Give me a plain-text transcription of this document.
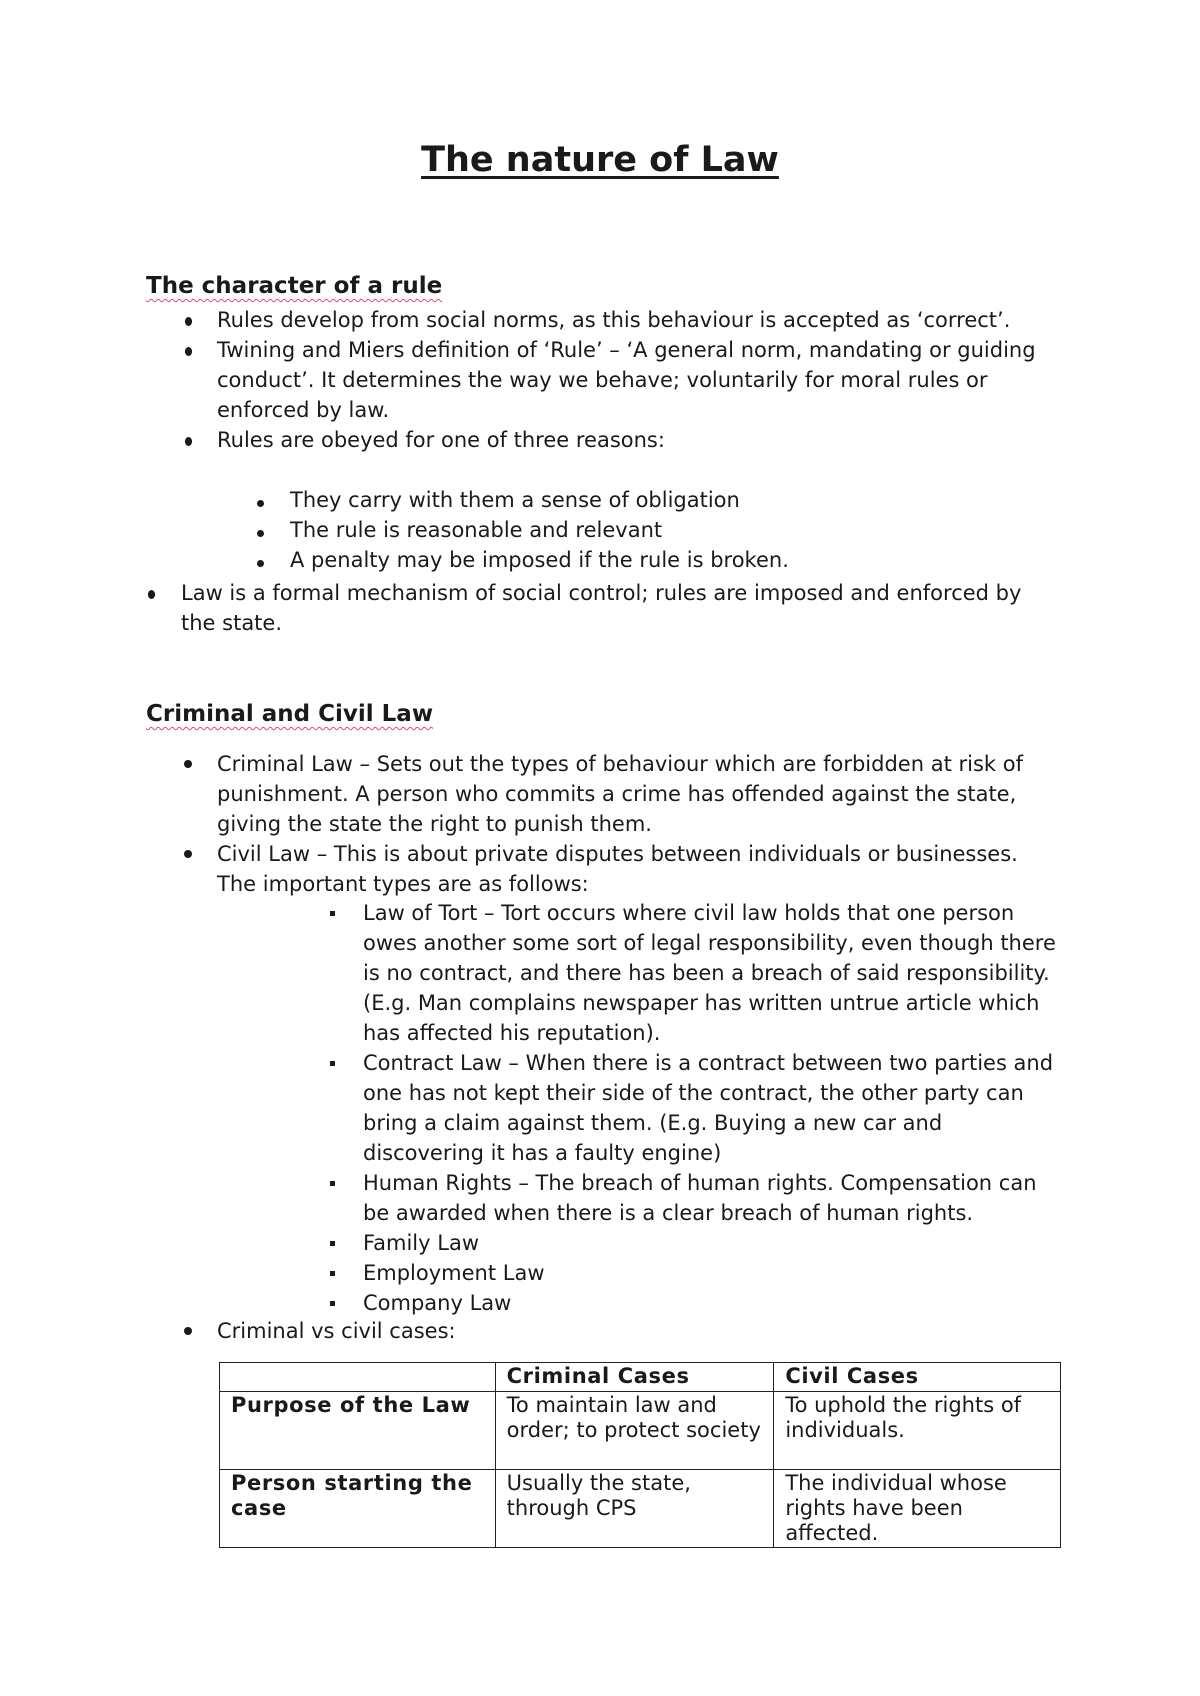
The nature of Law
The character of a rule
Rules develop from social norms, as this behaviour is accepted as ‘correct’.
Twining and Miers definition of ‘Rule’ – ‘A general norm, mandating or guiding conduct’. It determines the way we behave; voluntarily for moral rules or enforced by law.
Rules are obeyed for one of three reasons:
They carry with them a sense of obligation
The rule is reasonable and relevant
A penalty may be imposed if the rule is broken.
Law is a formal mechanism of social control; rules are imposed and enforced by the state.
Criminal and Civil Law
Criminal Law – Sets out the types of behaviour which are forbidden at risk of punishment. A person who commits a crime has offended against the state, giving the state the right to punish them.
Civil Law – This is about private disputes between individuals or businesses. The important types are as follows:
Law of Tort – Tort occurs where civil law holds that one person owes another some sort of legal responsibility, even though there is no contract, and there has been a breach of said responsibility. (E.g. Man complains newspaper has written untrue article which has affected his reputation).
Contract Law – When there is a contract between two parties and one has not kept their side of the contract, the other party can bring a claim against them. (E.g. Buying a new car and discovering it has a faulty engine)
Human Rights – The breach of human rights. Compensation can be awarded when there is a clear breach of human rights.
Family Law
Employment Law
Company Law
Criminal vs civil cases:
	Criminal Cases	Civil Cases
Purpose of the Law	To maintain law and order; to protect society	To uphold the rights of individuals.
Person starting the case	Usually the state, through CPS	The individual whose rights have been affected.
